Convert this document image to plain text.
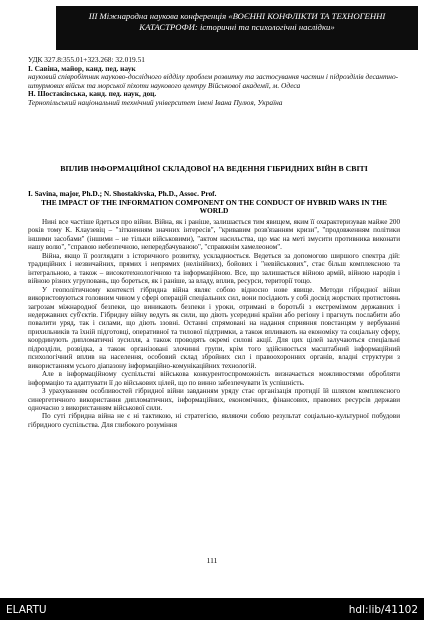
ІІІ Міжнародна наукова конференція «ВОЄННІ КОНФЛІКТИ ТА ТЕХНОГЕННІ
КАТАСТРОФИ: історичні та психологічні наслідки»
УДК 327.8:355.01+323.268: 32.019.51
І. Савіна, майор, канд. пед. наук
науковий співробітник науково-дослідного відділу проблем розвитку та застосування частин і підрозділів десантно-штурмових військ та морської піхоти наукового центру Військової академії, м. Одеса
Н. Шостаківська, канд. пед. наук, доц.
Тернопільський національний технічний університет імені Івана Пулюя, Україна
ВПЛИВ ІНФОРМАЦІЙНОЇ СКЛАДОВОЇ НА ВЕДЕННЯ ГІБРИДНИХ ВІЙН В СВІТІ
I. Savina, major, Ph.D.; N. Shostakivska, Ph.D., Assoc. Prof.
THE IMPACT OF THE INFORMATION COMPONENT ON THE CONDUCT OF HYBRID WARS IN THE WORLD

Нині все частіше йдеться про війни. Війна, як і раніше, залишається тим явищем, яким її охарактеризував майже 200 років тому К. Клаузевіц – "зіткненням значних інтересів", "кривавим розв'язанням кризи", "продовженням політики іншими засобами" (іншими – не тільки військовими), "актом насильства, що має на меті змусити противника виконати нашу волю", "справою небезпечною, непередбачуваною", "справжнім хамелеоном".

Війна, якщо її розглядати з історичного розвитку, ускладнюється. Ведеться за допомогою ширшого спектра дій: традиційних і незвичайних, прямих і непрямих (нелінійних), бойових і "невійськових", стає більш комплексною та інтегральною, а також – високотехнологічною та інформаційною. Все, що залишається війною армій, війною народів і війною різних угруповань, що бореться, як і раніше, за владу, вплив, ресурси, території тощо.

У геополітичному контексті гібридна війна являє собою відносно нове явище. Методи гібридної війни використовуються головним чином у сфері операцій спеціальних сил, вони посідають у собі досвід жорстких протистоянь загрозам міжнародної безпеки, що виникають безпеки і уроки, отримані в боротьбі з екстремізмом державних і недержавних суб'єктів. Гібридну війну ведуть як сили, що діють усередині країни або регіону і прагнуть послабити або повалити уряд, так і силами, що діють ззовні. Останні спрямовані на надання сприяння повстанцям у вербуванні прихильників та їхній підготовці, оперативної та тилової підтримки, а також впливають на економіку та соціальну сферу, координують дипломатичні зусилля, а також проводять окремі силові акції. Для цих цілей залучаються спеціальні підрозділи, розвідка, а також організовані злочинні групи, крім того здійснюється масштабний інформаційний психологічний вплив на населення, особовий склад збройних сил і правоохоронних органів, владні структури з використанням усього діапазону інформаційно-комунікаційних технологій.

Але в інформаційному суспільстві військова конкурентоспроможність визначається можливостями обробляти інформацію та адаптувати її до військових цілей, що по винно забезпечувати їх успішність.

З урахуванням особливостей гібридної війни завданням уряду стає організація протидії їй шляхом комплексного синергетичного використання дипломатичних, інформаційних, економічних, фінансових, правових ресурсів держави одночасно з використанням військової сили.

По суті гібридна війна не є ні тактикою, ні стратегією, являючи собою результат соціально-культурної побудови гібридного суспільства. Для глибокого розуміння

111
ELARTU	hdl:lib/41102
